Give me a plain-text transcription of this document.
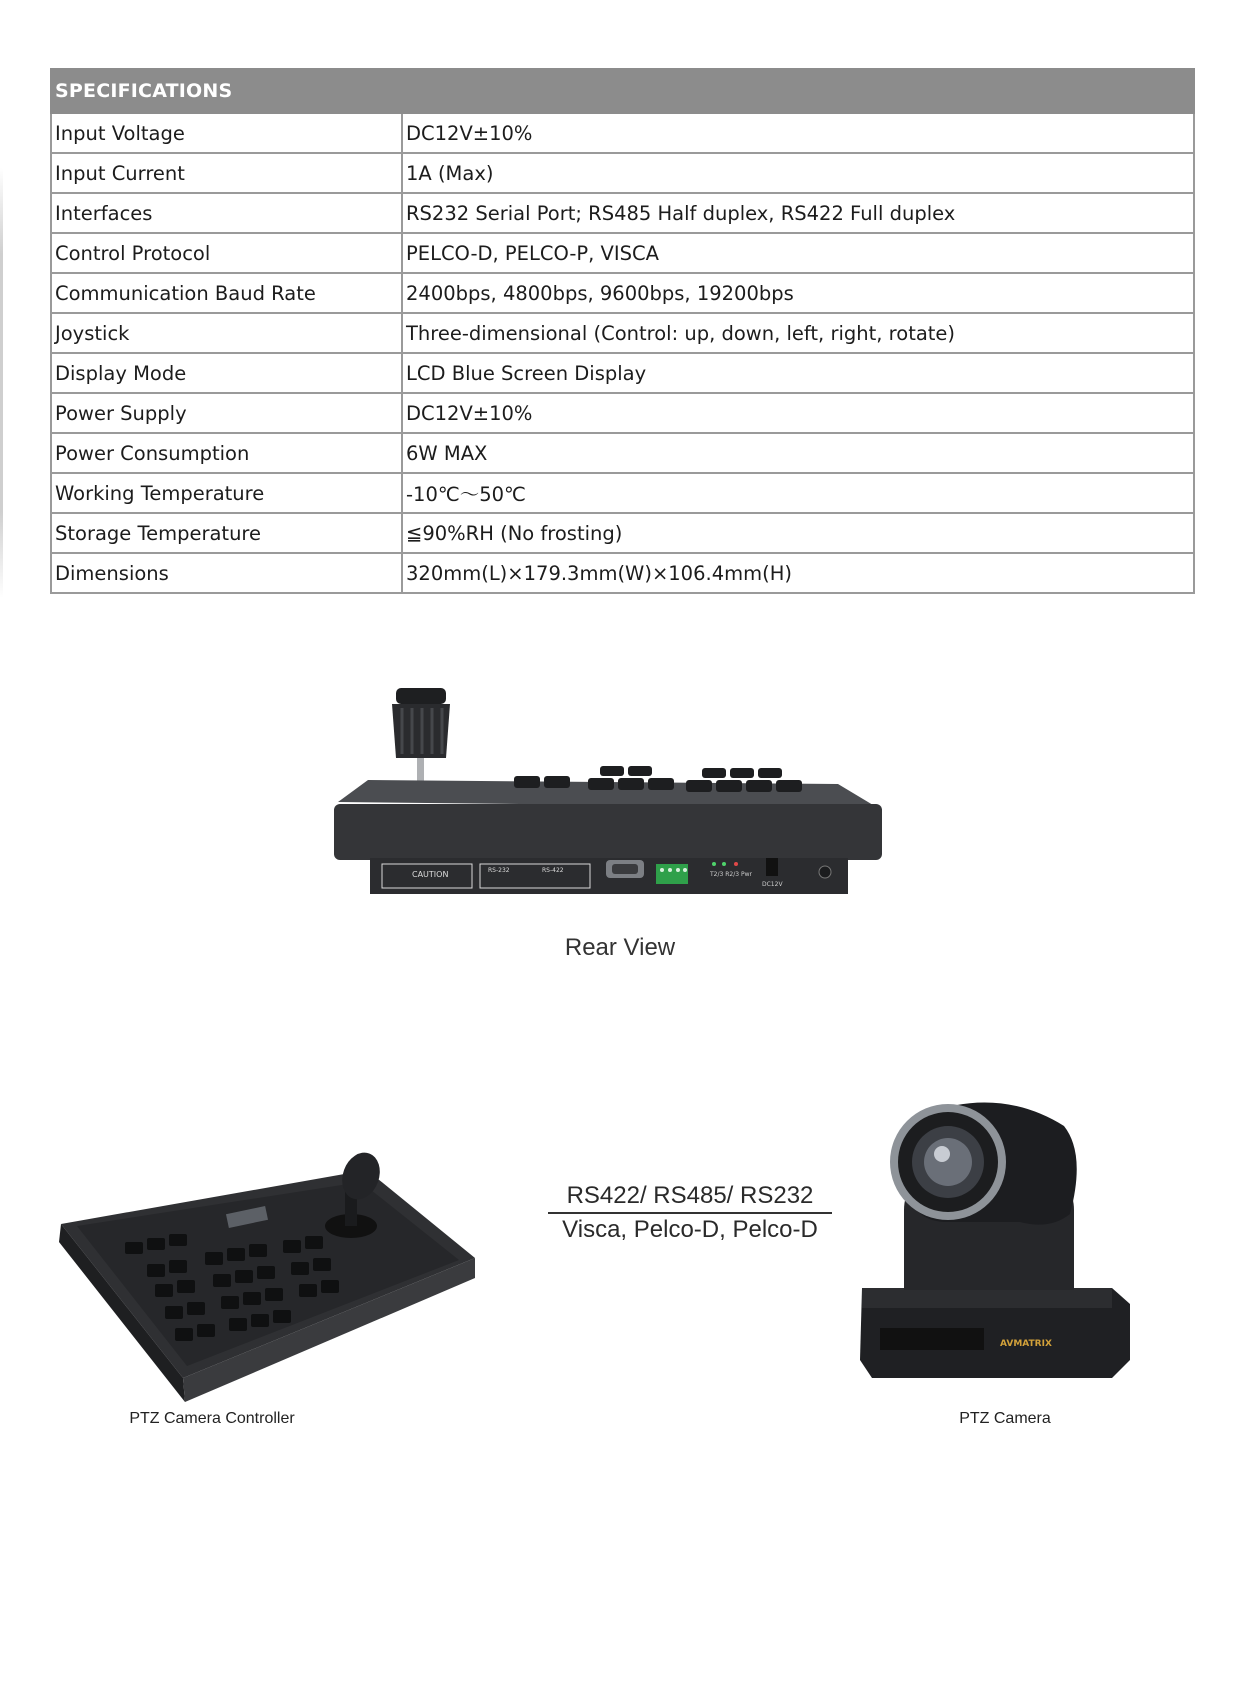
SPECIFICATIONS	
Input Voltage	DC12V±10%
Input Current	1A (Max)
Interfaces	RS232 Serial Port; RS485 Half duplex, RS422 Full duplex
Control Protocol	PELCO-D, PELCO-P, VISCA
Communication Baud Rate	2400bps, 4800bps, 9600bps, 19200bps
Joystick	Three-dimensional (Control: up, down, left, right, rotate)
Display Mode	LCD Blue Screen Display
Power Supply	DC12V±10%
Power Consumption	6W MAX
Working Temperature	-10℃～50℃
Storage Temperature	≦90%RH (No frosting)
Dimensions	320mm(L)×179.3mm(W)×106.4mm(H)
CAUTION	RS-232	RS-422
T2/3 R2/3 Pwr
DC12V
Rear View
PTZ Camera Controller
RS422/ RS485/ RS232
Visca, Pelco-D, Pelco-D
AVMATRIX
PTZ Camera
